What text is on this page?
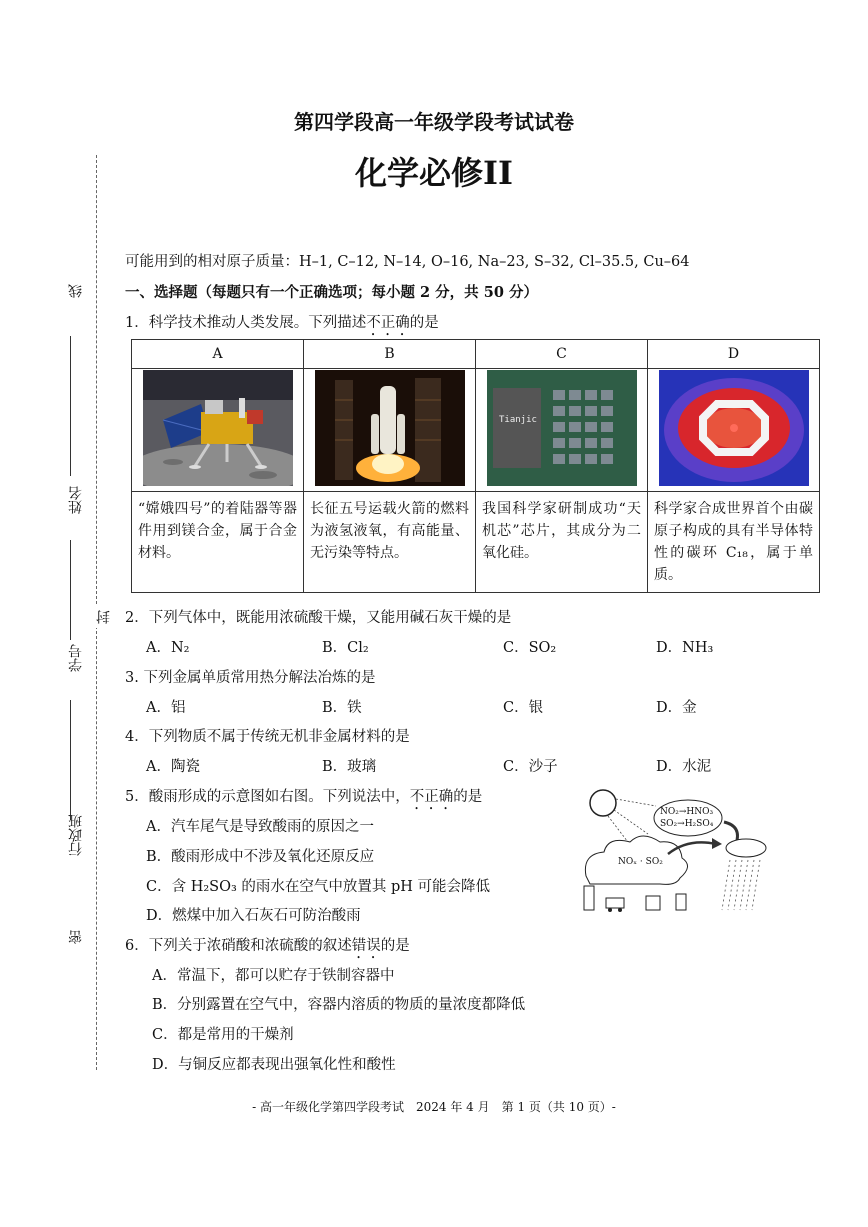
线
姓名
封
学号
行政班
密
第四学段高一年级学段考试试卷
化学必修II
可能用到的相对原子质量：H–1, C–12, N–14, O–16, Na–23, S–32, Cl–35.5, Cu–64
一、选择题（每题只有一个正确选项；每小题 2 分，共 50 分）
1．科学技术推动人类发展。下列描述不正确的是
A	B	C	D

Tianjic

“嫦娥四号”的着陆器等器件用到镁合金，属于合金材料。	长征五号运载火箭的燃料为液氢液氧，有高能量、无污染等特点。	我国科学家研制成功“天机芯”芯片，其成分为二氧化硅。	科学家合成世界首个由碳原子构成的具有半导体特性的碳环 C₁₈，属于单质。
2．下列气体中，既能用浓硫酸干燥，又能用碱石灰干燥的是
A．N₂	B．Cl₂	C．SO₂	D．NH₃
3. 下列金属单质常用热分解法冶炼的是
A．铝	B．铁	C．银	D．金
4．下列物质不属于传统无机非金属材料的是
A．陶瓷	B．玻璃	C．沙子	D．水泥
5．酸雨形成的示意图如右图。下列说法中，不正确的是
A．汽车尾气是导致酸雨的原因之一
B．酸雨形成中不涉及氧化还原反应
C．含 H₂SO₃ 的雨水在空气中放置其 pH 可能会降低
D．燃煤中加入石灰石可防治酸雨
NO₂→HNO₃
SO₂→H₂SO₄
NOₓ · SO₂
6．下列关于浓硝酸和浓硫酸的叙述错误的是
A．常温下，都可以贮存于铁制容器中
B．分别露置在空气中，容器内溶质的物质的量浓度都降低
C．都是常用的干燥剂
D．与铜反应都表现出强氧化性和酸性
- 高一年级化学第四学段考试　2024 年 4 月　第 1 页（共 10 页）-
